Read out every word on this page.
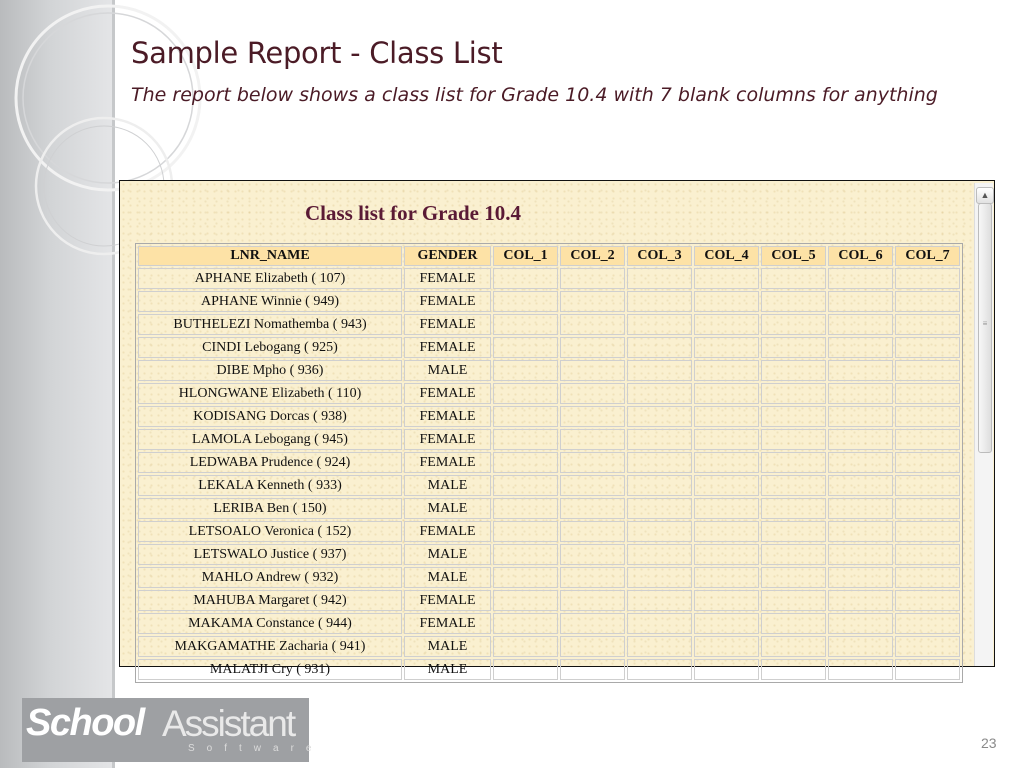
Sample Report - Class List

The report below shows a class list for Grade 10.4 with 7 blank columns for anything

Class list for Grade 10.4
LNR_NAME	GENDER	COL_1	COL_2	COL_3	COL_4	COL_5	COL_6	COL_7
APHANE Elizabeth ( 107)	FEMALE							
APHANE Winnie ( 949)	FEMALE							
BUTHELEZI Nomathemba ( 943)	FEMALE							
CINDI Lebogang ( 925)	FEMALE							
DIBE Mpho ( 936)	MALE							
HLONGWANE Elizabeth ( 110)	FEMALE							
KODISANG Dorcas ( 938)	FEMALE							
LAMOLA Lebogang ( 945)	FEMALE							
LEDWABA Prudence ( 924)	FEMALE							
LEKALA Kenneth ( 933)	MALE							
LERIBA Ben ( 150)	MALE							
LETSOALO Veronica ( 152)	FEMALE							
LETSWALO Justice ( 937)	MALE							
MAHLO Andrew ( 932)	MALE							
MAHUBA Margaret ( 942)	FEMALE							
MAKAMA Constance ( 944)	FEMALE							
MAKGAMATHE Zacharia ( 941)	MALE							
MALATJI Cry ( 931)	MALE							
▲
≡
School Assistant
Software	23
